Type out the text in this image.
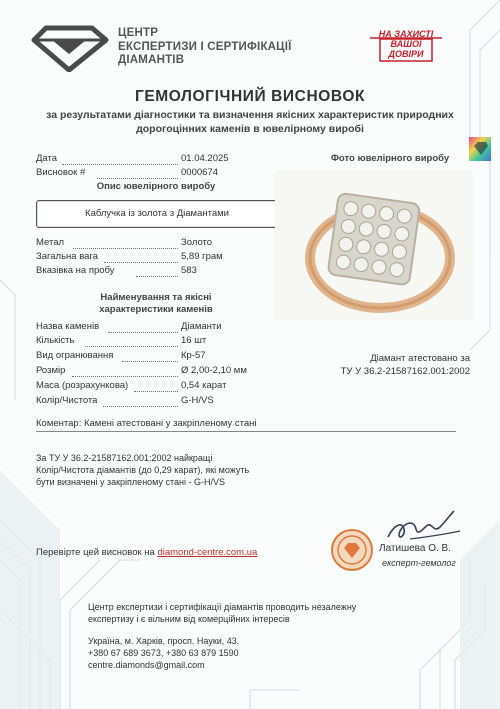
ЦЕНТР
ЕКСПЕРТИЗИ І СЕРТИФІКАЦІЇ
ДІАМАНТІВ
НА ЗАХИСТІ
ВАШОЇ
ДОВІРИ
ГЕМОЛОГІЧНИЙ ВИСНОВОК
за результатами діагностики та визначення якісних характеристик природних дорогоцінних каменів в ювелірному виробі
Дата	01.04.2025
Висновок #	0000674
Опис ювелірного виробу
Каблучка із золота з Діамантами
Метал	Золото
Загальна вага	5,89 грам
Вказівка на пробу	583
Найменування та якісні
характеристики каменів
Назва каменів	Діаманти
Кількість	16 шт
Вид огранювання	Кр-57
Розмір	Ø 2,00-2,10 мм
Маса (розрахункова)	0,54 карат
Колір/Чистота	G-H/VS
Фото ювелірного виробу
Діамант атестовано за
ТУ У 36.2-21587162.001:2002
Коментар: Камені атестовані у закріпленому стані
За ТУ У 36.2-21587162.001:2002 найкращі
Колір/Чистота діамантів (до 0,29 карат), які можуть
бути визначені у закріпленому стані - G-H/VS
Перевірте цей висновок на diamond-centre.com.ua	Латишева О. В.
експерт-гемолог
Центр експертизи і сертифікації діамантів проводить незалежну
експертизу і є вільним від комерційних інтересів
Україна, м. Харків, просп. Науки, 43.
+380 67 689 3673, +380 63 879 1590
centre.diamonds@gmail.com
